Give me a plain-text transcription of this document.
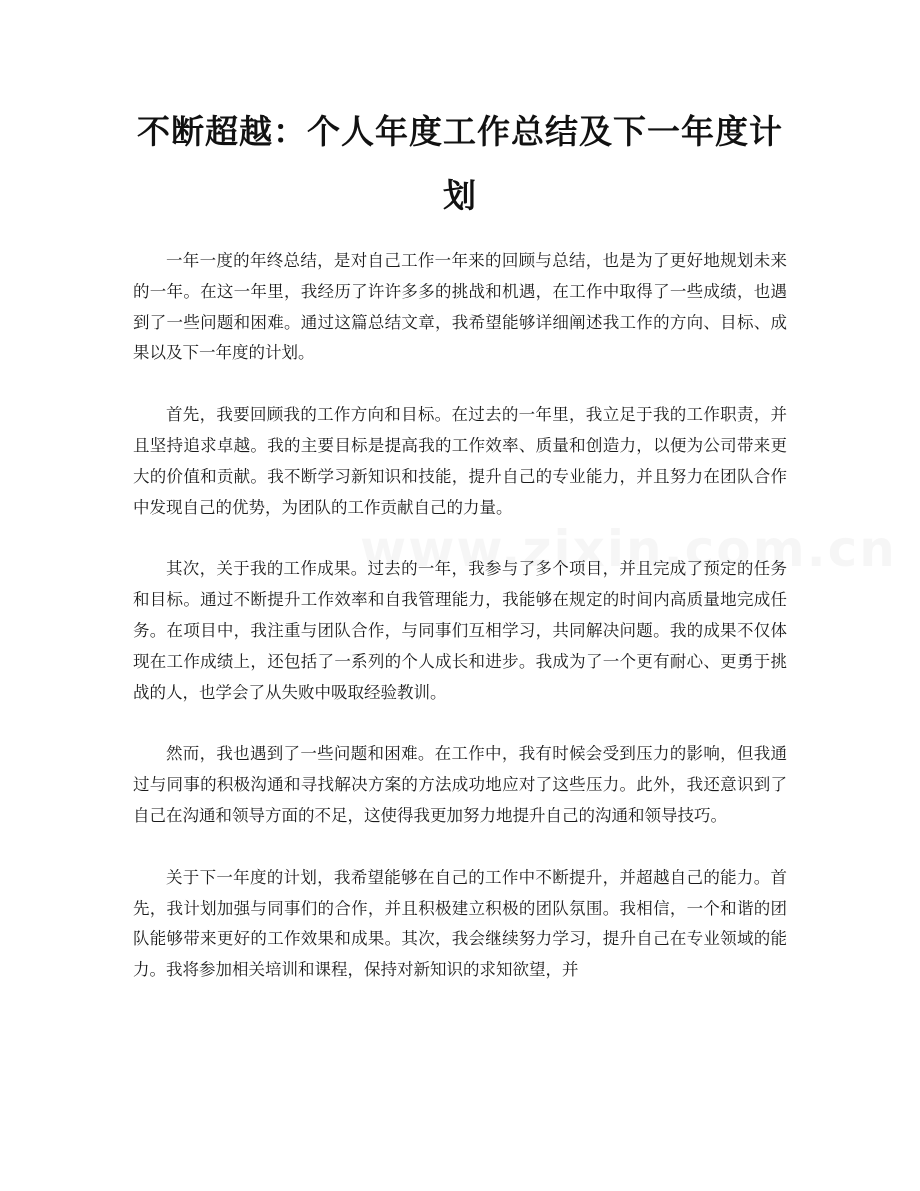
不断超越：个人年度工作总结及下一年度计划

一年一度的年终总结，是对自己工作一年来的回顾与总结，也是为了更好地规划未来的一年。在这一年里，我经历了许许多多的挑战和机遇，在工作中取得了一些成绩，也遇到了一些问题和困难。通过这篇总结文章，我希望能够详细阐述我工作的方向、目标、成果以及下一年度的计划。

首先，我要回顾我的工作方向和目标。在过去的一年里，我立足于我的工作职责，并且坚持追求卓越。我的主要目标是提高我的工作效率、质量和创造力，以便为公司带来更大的价值和贡献。我不断学习新知识和技能，提升自己的专业能力，并且努力在团队合作中发现自己的优势，为团队的工作贡献自己的力量。

其次，关于我的工作成果。过去的一年，我参与了多个项目，并且完成了预定的任务和目标。通过不断提升工作效率和自我管理能力，我能够在规定的时间内高质量地完成任务。在项目中，我注重与团队合作，与同事们互相学习，共同解决问题。我的成果不仅体现在工作成绩上，还包括了一系列的个人成长和进步。我成为了一个更有耐心、更勇于挑战的人，也学会了从失败中吸取经验教训。

然而，我也遇到了一些问题和困难。在工作中，我有时候会受到压力的影响，但我通过与同事的积极沟通和寻找解决方案的方法成功地应对了这些压力。此外，我还意识到了自己在沟通和领导方面的不足，这使得我更加努力地提升自己的沟通和领导技巧。

关于下一年度的计划，我希望能够在自己的工作中不断提升，并超越自己的能力。首先，我计划加强与同事们的合作，并且积极建立积极的团队氛围。我相信，一个和谐的团队能够带来更好的工作效果和成果。其次，我会继续努力学习，提升自己在专业领域的能力。我将参加相关培训和课程，保持对新知识的求知欲望，并
